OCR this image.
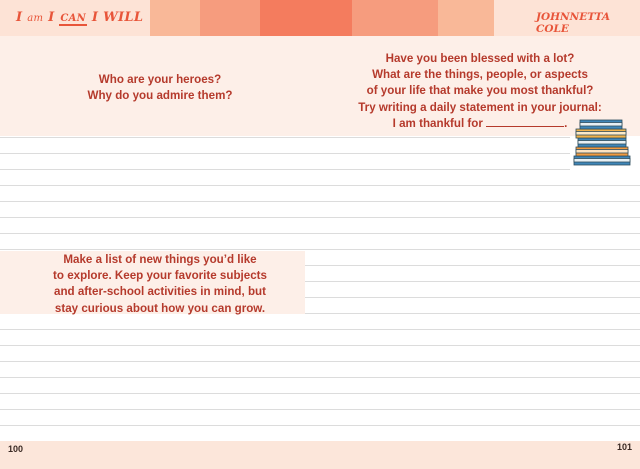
I am I CAN I WILL	JOHNNETTA COLE
Who are your heroes?
Why do you admire them?
Have you been blessed with a lot?
What are the things, people, or aspects
of your life that make you most thankful?
Try writing a daily statement in your journal:
I am thankful for	.
Make a list of new things you’d like
to explore. Keep your favorite subjects
and after-school activities in mind, but
stay curious about how you can grow.
100	101
